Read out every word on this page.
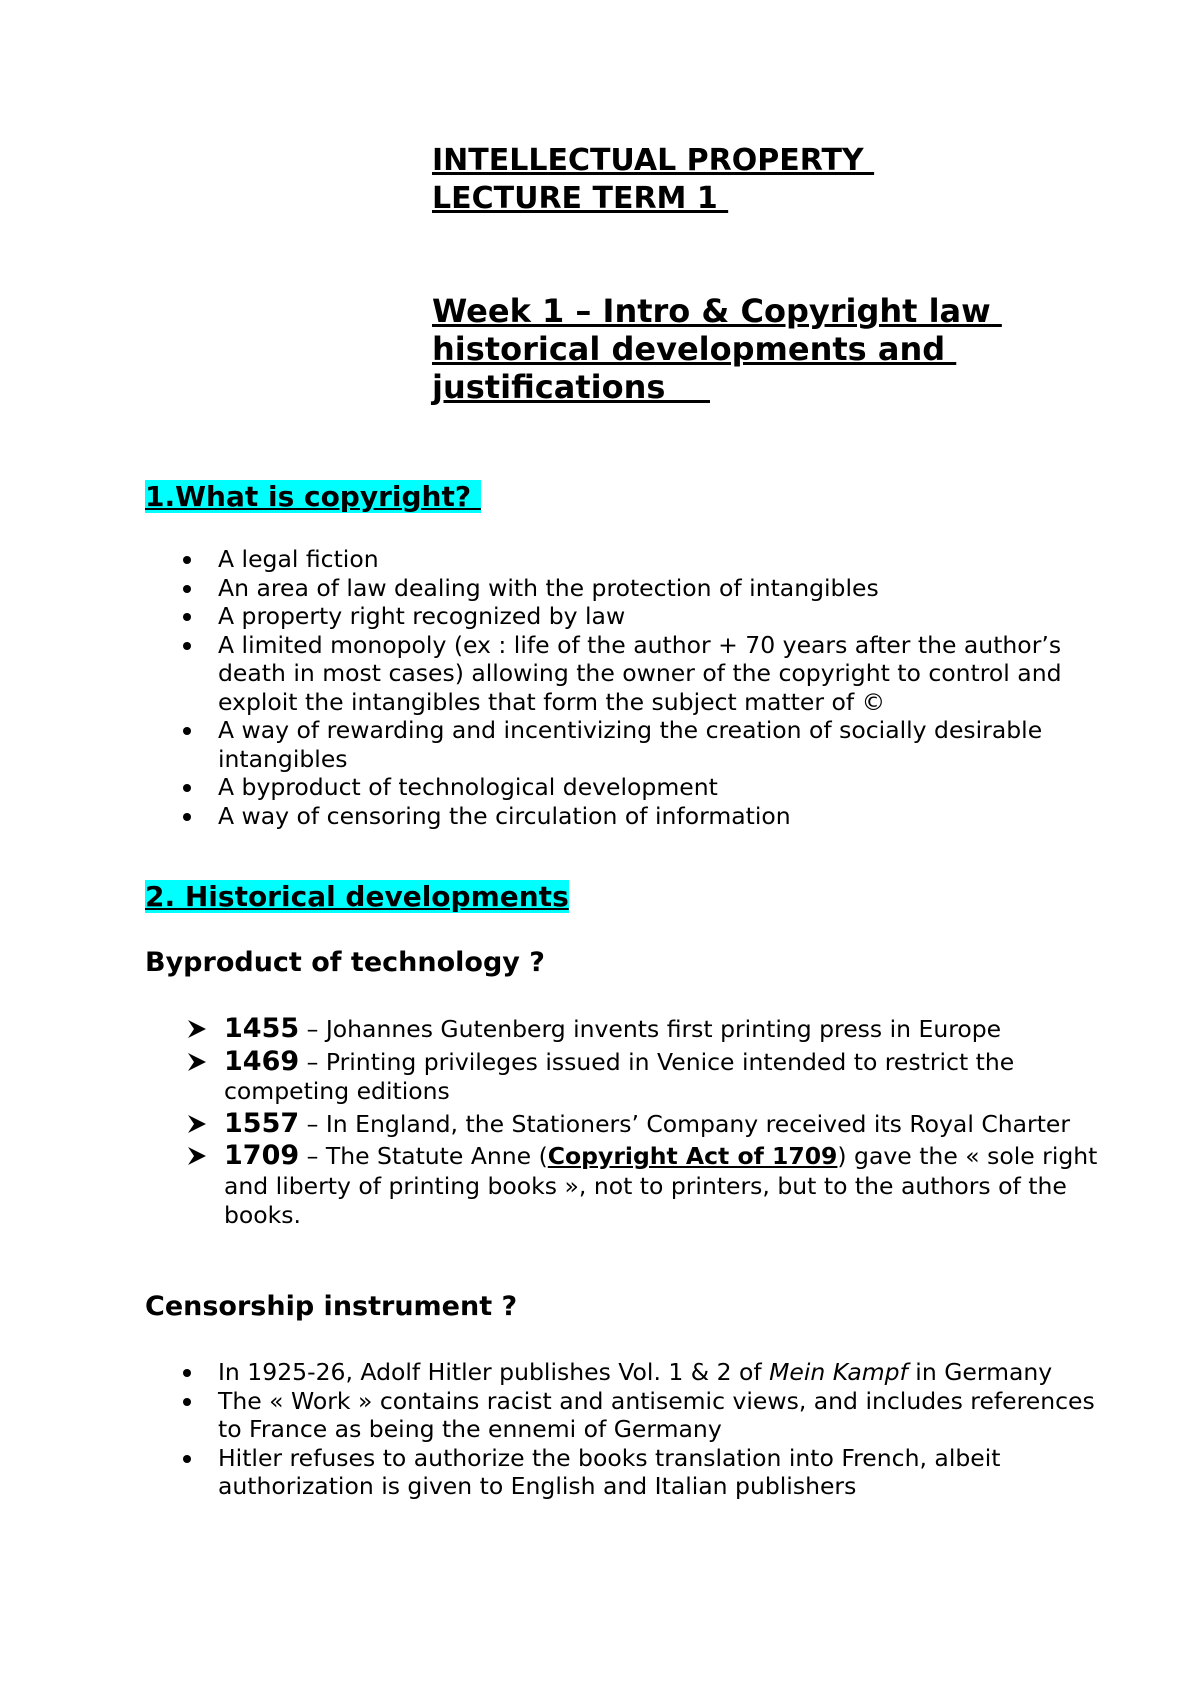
INTELLECTUAL PROPERTY

LECTURE TERM 1

Week 1 – Intro & Copyright law

historical developments and

justifications

1.What is copyright?

A legal fiction
An area of law dealing with the protection of intangibles
A property right recognized by law
A limited monopoly (ex : life of the author + 70 years after the author’s death in most cases) allowing the owner of the copyright to control and exploit the intangibles that form the subject matter of ©
A way of rewarding and incentivizing the creation of socially desirable intangibles
A byproduct of technological development
A way of censoring the circulation of information

2. Historical developments

Byproduct of technology ?

1455 – Johannes Gutenberg invents first printing press in Europe
1469 – Printing privileges issued in Venice intended to restrict the competing editions
1557 – In England, the Stationers’ Company received its Royal Charter
1709 – The Statute Anne (Copyright Act of 1709) gave the « sole right and liberty of printing books », not to printers, but to the authors of the books.

Censorship instrument ?

In 1925-26, Adolf Hitler publishes Vol. 1 & 2 of Mein Kampf in Germany
The « Work » contains racist and antisemic views, and includes references to France as being the ennemi of Germany
Hitler refuses to authorize the books translation into French, albeit authorization is given to English and Italian publishers
